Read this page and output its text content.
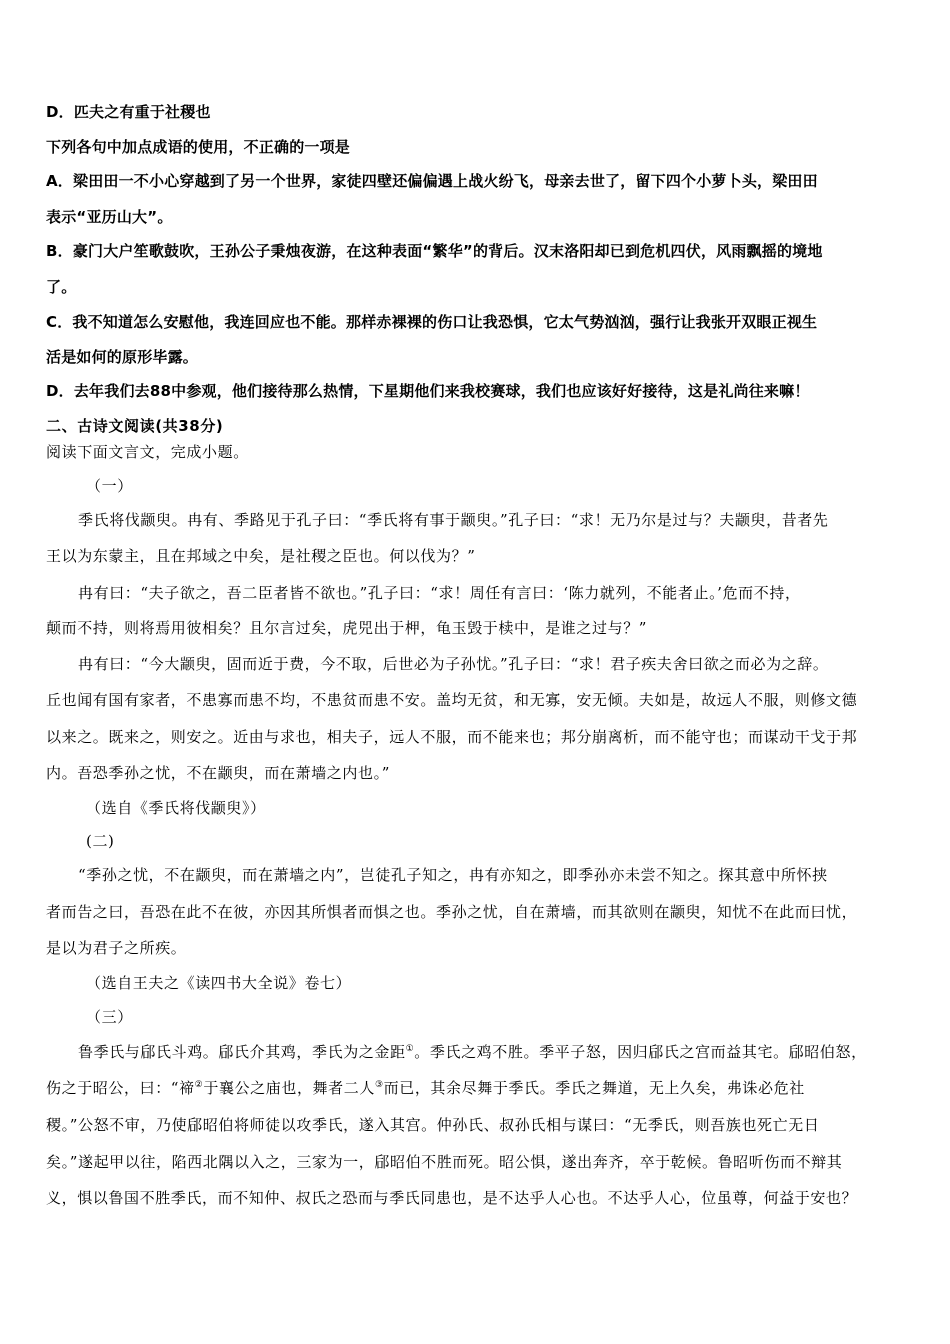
D．匹夫之有重于社稷也
下列各句中加点成语的使用，不正确的一项是
A．梁田田一不小心穿越到了另一个世界，家徒四壁还偏偏遇上战火纷飞，母亲去世了，留下四个小萝卜头，梁田田
表示“亚历山大”。
B．豪门大户笙歌鼓吹，王孙公子秉烛夜游，在这种表面“繁华”的背后。汉末洛阳却已到危机四伏，风雨飘摇的境地
了。
C．我不知道怎么安慰他，我连回应也不能。那样赤裸裸的伤口让我恐惧，它太气势汹汹，强行让我张开双眼正视生
活是如何的原形毕露。
D．去年我们去88中参观，他们接待那么热情，下星期他们来我校赛球，我们也应该好好接待，这是礼尚往来嘛！
二、古诗文阅读(共38分)
阅读下面文言文，完成小题。
（一）
季氏将伐颛臾。冉有、季路见于孔子曰：“季氏将有事于颛臾。”孔子曰：“求！无乃尔是过与？夫颛臾，昔者先
王以为东蒙主，且在邦域之中矣，是社稷之臣也。何以伐为？”
冉有曰：“夫子欲之，吾二臣者皆不欲也。”孔子曰：“求！周任有言曰：‘陈力就列，不能者止。’危而不持，
颠而不持，则将焉用彼相矣？且尔言过矣，虎兕出于柙，龟玉毁于椟中，是谁之过与？”
冉有曰：“今大颛臾，固而近于费，今不取，后世必为子孙忧。”孔子曰：“求！君子疾夫舍曰欲之而必为之辞。
丘也闻有国有家者，不患寡而患不均，不患贫而患不安。盖均无贫，和无寡，安无倾。夫如是，故远人不服，则修文德
以来之。既来之，则安之。近由与求也，相夫子，远人不服，而不能来也；邦分崩离析，而不能守也；而谋动干戈于邦
内。吾恐季孙之忧，不在颛臾，而在萧墙之内也。”
（选自《季氏将伐颛臾》）
(二)
“季孙之忧，不在颛臾，而在萧墙之内”，岂徒孔子知之，冉有亦知之，即季孙亦未尝不知之。探其意中所怀挟
者而告之曰，吾恐在此不在彼，亦因其所惧者而惧之也。季孙之忧，自在萧墙，而其欲则在颛臾，知忧不在此而曰忧，
是以为君子之所疾。
（选自王夫之《读四书大全说》卷七）
（三）
鲁季氏与郈氏斗鸡。郈氏介其鸡，季氏为之金距①。季氏之鸡不胜。季平子怒，因归郈氏之宫而益其宅。郈昭伯怒，
伤之于昭公，曰：“禘②于襄公之庙也，舞者二人③而已，其余尽舞于季氏。季氏之舞道，无上久矣，弗诛必危社
稷。”公怒不审，乃使郈昭伯将师徒以攻季氏，遂入其宫。仲孙氏、叔孙氏相与谋曰：“无季氏，则吾族也死亡无日
矣。”遂起甲以往，陷西北隅以入之，三家为一，郈昭伯不胜而死。昭公惧，遂出奔齐，卒于乾候。鲁昭听伤而不辩其
义，惧以鲁国不胜季氏，而不知仲、叔氏之恐而与季氏同患也，是不达乎人心也。不达乎人心，位虽尊，何益于安也？
